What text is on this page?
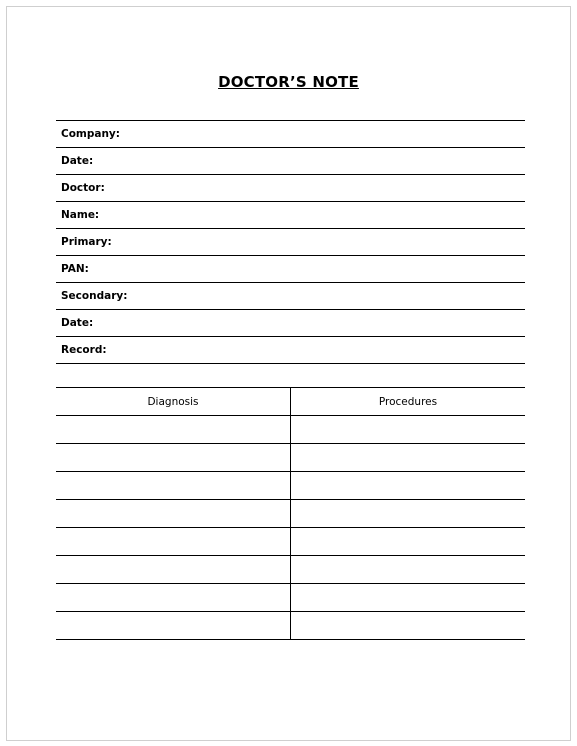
DOCTOR’S NOTE
Company:
Date:
Doctor:
Name:
Primary:
PAN:
Secondary:
Date:
Record:
Diagnosis	Procedures
